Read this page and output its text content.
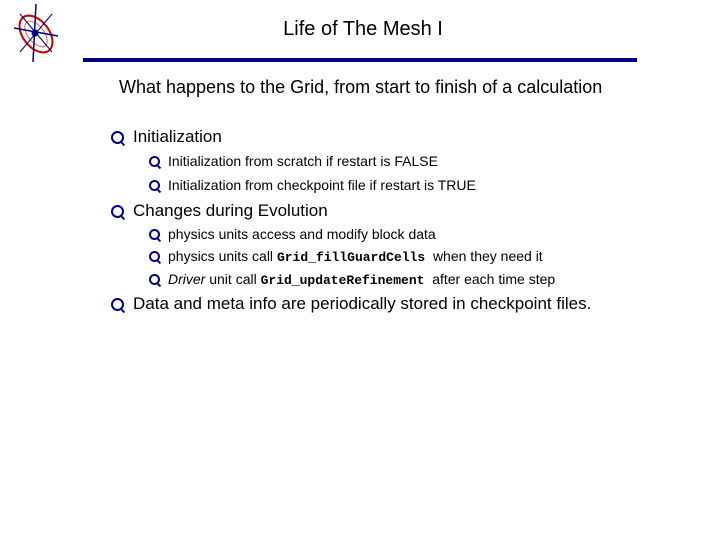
Life of The Mesh I
What happens to the Grid, from start to finish of a calculation
Initialization
Initialization from scratch if restart is FALSE
Initialization from checkpoint file if restart is TRUE
Changes during Evolution
physics units access and modify block data
physics units call Grid_fillGuardCells  when they need it
Driver unit call Grid_updateRefinement  after each time step
Data and meta info are periodically stored in checkpoint files.
